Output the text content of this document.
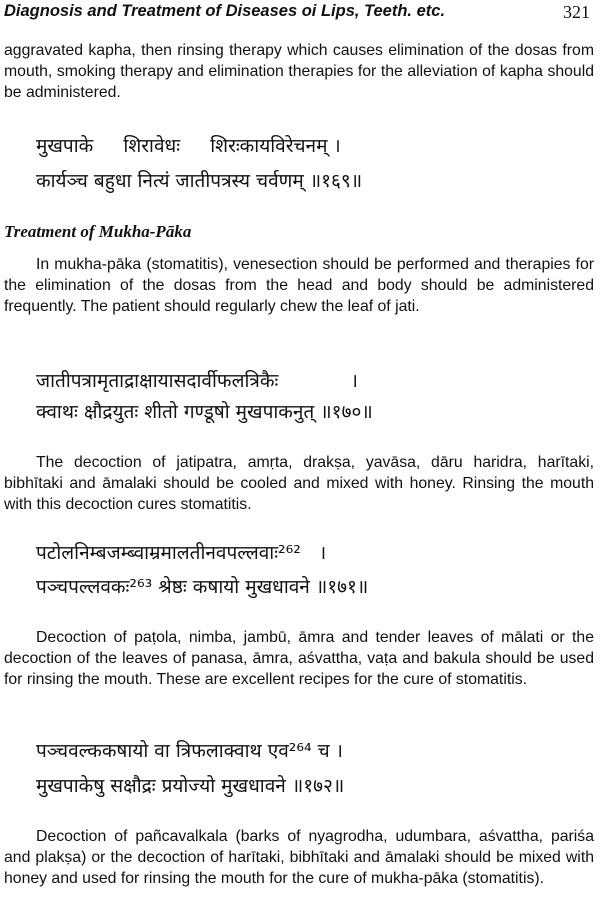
Diagnosis and Treatment of Diseases oi Lips, Teeth. etc.	321
aggravated kapha, then rinsing therapy which causes elimination of the dosas from mouth, smoking therapy and elimination therapies for the alleviation of kapha should be administered.
मुखपाके     शिरावेधः     शिरःकायविरेचनम् ।
कार्यञ्च बहुधा नित्यं जातीपत्रस्य चर्वणम् ॥१६९॥
Treatment of Mukha-Pāka
In mukha-pāka (stomatitis), venesection should be performed and therapies for the elimination of the dosas from the head and body should be administered frequently. The patient should regularly chew the leaf of jati.
जातीपत्रामृताद्राक्षायासदार्वीफलत्रिकैः            ।
क्वाथः क्षौद्रयुतः शीतो गण्डूषो मुखपाकनुत् ॥१७०॥
The decoction of jatipatra, amṛta, drakṣa, yavāsa, dāru haridra, harītaki, bibhītaki and āmalaki should be cooled and mixed with honey. Rinsing the mouth with this decoction cures stomatitis.
पटोलनिम्बजम्ब्वाम्रमालतीनवपल्लवाः²⁶²   ।
पञ्चपल्लवकः²⁶³ श्रेष्ठः कषायो मुखधावने ॥१७१॥
Decoction of paṭola, nimba, jambū, āmra and tender leaves of mālati or the decoction of the leaves of panasa, āmra, aśvattha, vaṭa and bakula should be used for rinsing the mouth. These are excellent recipes for the cure of stomatitis.
पञ्चवल्ककषायो वा त्रिफलाक्वाथ एव²⁶⁴ च ।
मुखपाकेषु सक्षौद्रः प्रयोज्यो मुखधावने ॥१७२॥
Decoction of pañcavalkala (barks of nyagrodha, udumbara, aśvattha, pariśa and plakṣa) or the decoction of harītaki, bibhītaki and āmalaki should be mixed with honey and used for rinsing the mouth for the cure of mukha-pāka (stomatitis).
